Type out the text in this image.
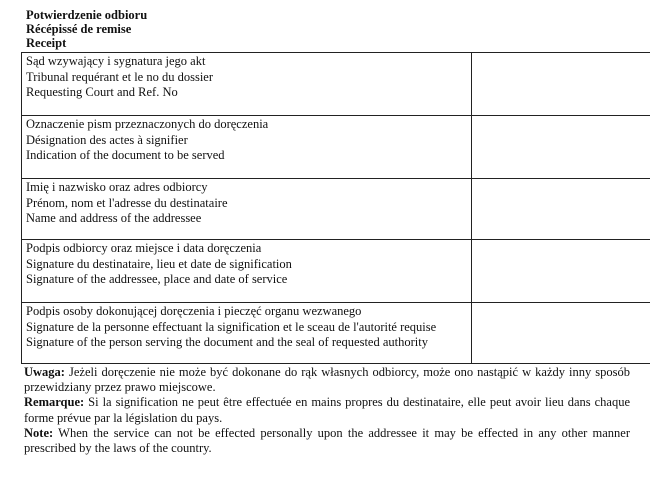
Potwierdzenie odbioru
Récépissé de remise
Receipt
Sąd wzywający i sygnatura jego akt
Tribunal requérant et le no du dossier
Requesting Court and Ref. No	

Oznaczenie pism przeznaczonych do doręczenia
Désignation des actes à signifier
Indication of the document to be served	

Imię i nazwisko oraz adres odbiorcy
Prénom, nom et l'adresse du destinataire
Name and address of the addressee	

Podpis odbiorcy oraz miejsce i data doręczenia
Signature du destinataire, lieu et date de signification
Signature of the addressee, place and date of service	

Podpis osoby dokonującej doręczenia i pieczęć organu wezwanego
Signature de la personne effectuant la signification et le sceau de l'autorité requise
Signature of the person serving the document and the seal of requested authority	

Uwaga: Jeżeli doręczenie nie może być dokonane do rąk własnych odbiorcy, może ono nastąpić w każdy inny sposób przewidziany przez prawo miejscowe.

Remarque: Si la signification ne peut être effectuée en mains propres du destinataire, elle peut avoir lieu dans chaque forme prévue par la législation du pays.

Note: When the service can not be effected personally upon the addressee it may be effected in any other manner prescribed by the laws of the country.
